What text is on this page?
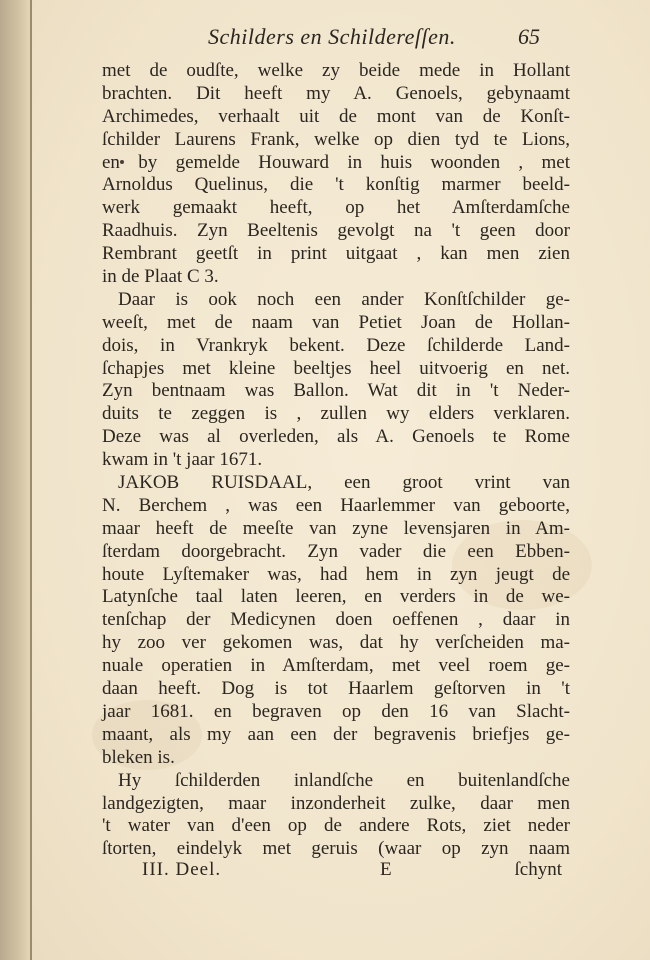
Schilders en Schildereſſen.	65
met de oudſte, welke zy beide mede in Hollant
brachten. Dit heeft my A. Genoels, gebynaamt
Archimedes, verhaalt uit de mont van de Konſt-
ſchilder Laurens Frank, welke op dien tyd te Lions,
en by gemelde Houward in huis woonden , met
Arnoldus Quelinus, die 't konſtig marmer beeld-
werk gemaakt heeft, op het Amſterdamſche
Raadhuis. Zyn Beeltenis gevolgt na 't geen door
Rembrant geetſt in print uitgaat , kan men zien
in de Plaat C 3.
Daar is ook noch een ander Konſtſchilder ge-
weeſt, met de naam van Petiet Joan de Hollan-
dois, in Vrankryk bekent. Deze ſchilderde Land-
ſchapjes met kleine beeltjes heel uitvoerig en net.
Zyn bentnaam was Ballon. Wat dit in 't Neder-
duits te zeggen is , zullen wy elders verklaren.
Deze was al overleden, als A. Genoels te Rome
kwam in 't jaar 1671.
JAKOB RUISDAAL, een groot vrint van
N. Berchem , was een Haarlemmer van geboorte,
maar heeft de meeſte van zyne levensjaren in Am-
ſterdam doorgebracht. Zyn vader die een Ebben-
houte Lyſtemaker was, had hem in zyn jeugt de
Latynſche taal laten leeren, en verders in de we-
tenſchap der Medicynen doen oeffenen , daar in
hy zoo ver gekomen was, dat hy verſcheiden ma-
nuale operatien in Amſterdam, met veel roem ge-
daan heeft. Dog is tot Haarlem geſtorven in 't
jaar 1681. en begraven op den 16 van Slacht-
maant, als my aan een der begravenis briefjes ge-
bleken is.
Hy ſchilderden inlandſche en buitenlandſche
landgezigten, maar inzonderheit zulke, daar men
't water van d'een op de andere Rots, ziet neder
ſtorten, eindelyk met geruis (waar op zyn naam
III. Deel.	E	ſchynt
